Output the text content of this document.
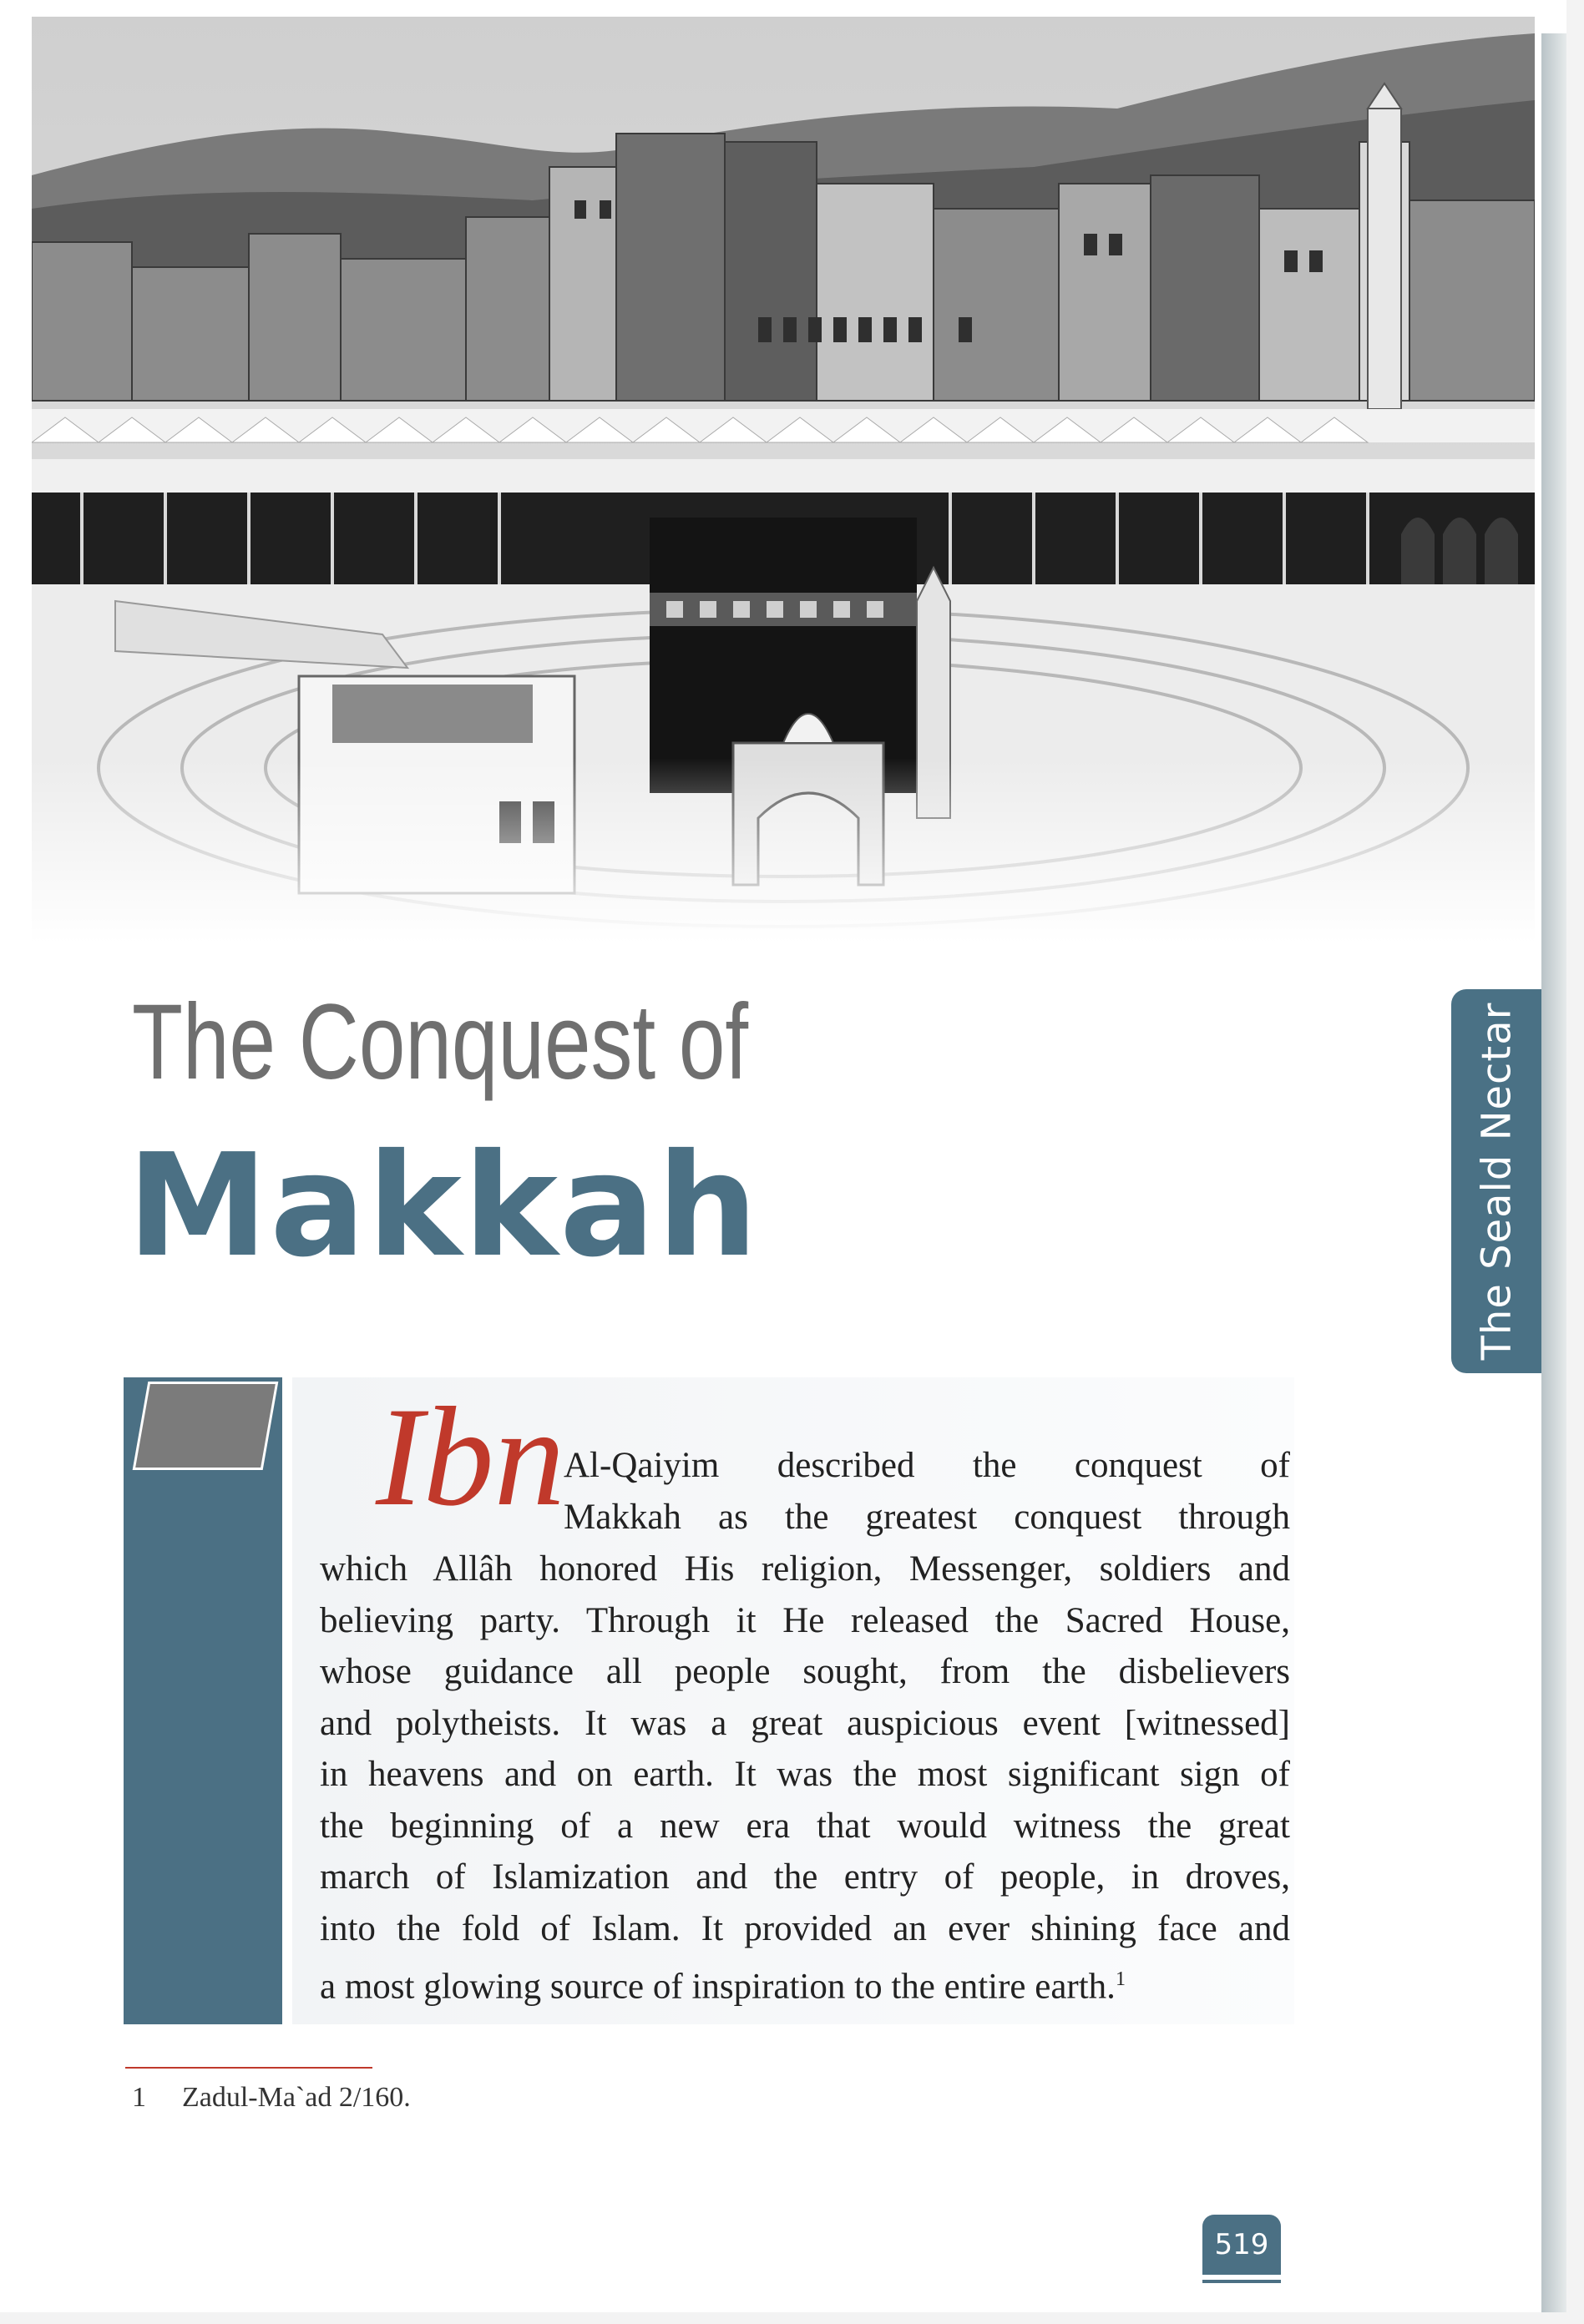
The Seald Nectar
The Conquest of
Makkah
Ibn
Al-Qaiyim described the conquest of
Makkah as the greatest conquest through
which Allâh honored His religion, Messenger, soldiers and
believing party. Through it He released the Sacred House,
whose guidance all people sought, from the disbelievers
and polytheists. It was a great auspicious event [witnessed]
in heavens and on earth. It was the most significant sign of
the beginning of a new era that would witness the great
march of Islamization and the entry of people, in droves,
into the fold of Islam. It provided an ever shining face and
a most glowing source of inspiration to the entire earth.$^1$
1 Zadul-Ma`ad 2/160.
519
